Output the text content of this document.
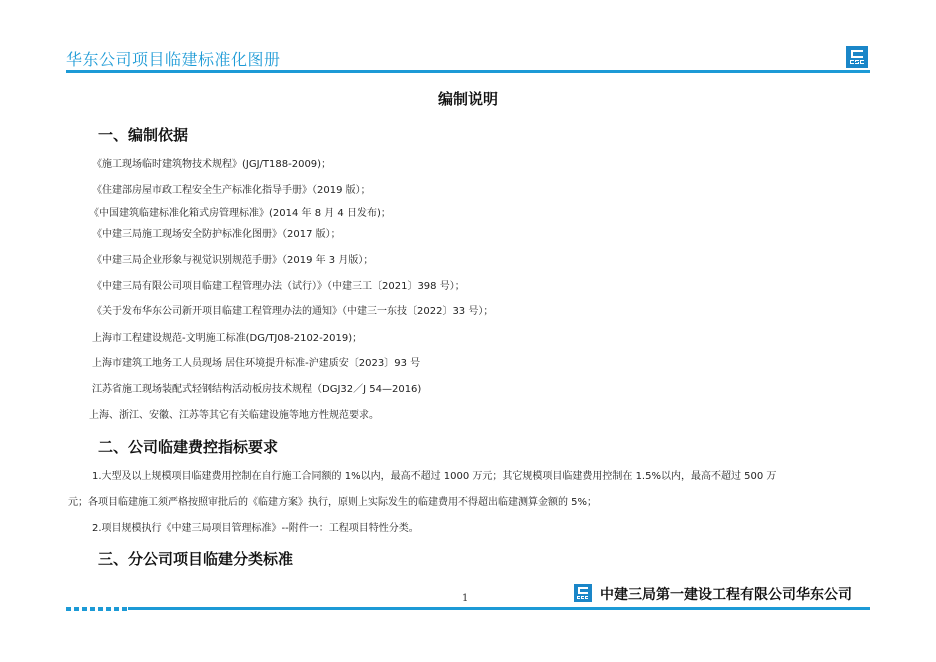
华东公司项目临建标准化图册
编制说明
一、编制依据
《施工现场临时建筑物技术规程》(JGJ/T188-2009)；
《住建部房屋市政工程安全生产标准化指导手册》（2019 版）；
《中国建筑临建标准化箱式房管理标准》(2014 年 8 月 4 日发布)；
《中建三局施工现场安全防护标准化图册》（2017 版）；
《中建三局企业形象与视觉识别规范手册》（2019 年 3 月版）；
《中建三局有限公司项目临建工程管理办法（试行）》（中建三工〔2021〕398 号）；
《关于发布华东公司新开项目临建工程管理办法的通知》（中建三一东技〔2022〕33 号）；
上海市工程建设规范-文明施工标准(DG/TJ08-2102-2019)；
上海市建筑工地务工人员现场 居住环境提升标准-沪建质安〔2023〕93 号
江苏省施工现场装配式轻钢结构活动板房技术规程（DGJ32／J 54—2016)
上海、浙江、安徽、江苏等其它有关临建设施等地方性规范要求。
二、公司临建费控指标要求
1.大型及以上规模项目临建费用控制在自行施工合同额的 1%以内，最高不超过 1000 万元；其它规模项目临建费用控制在 1.5%以内，最高不超过 500 万
元；各项目临建施工须严格按照审批后的《临建方案》执行，原则上实际发生的临建费用不得超出临建测算金额的 5%；
2.项目规模执行《中建三局项目管理标准》--附件一：工程项目特性分类。
三、分公司项目临建分类标准
1	中建三局第一建设工程有限公司华东公司
